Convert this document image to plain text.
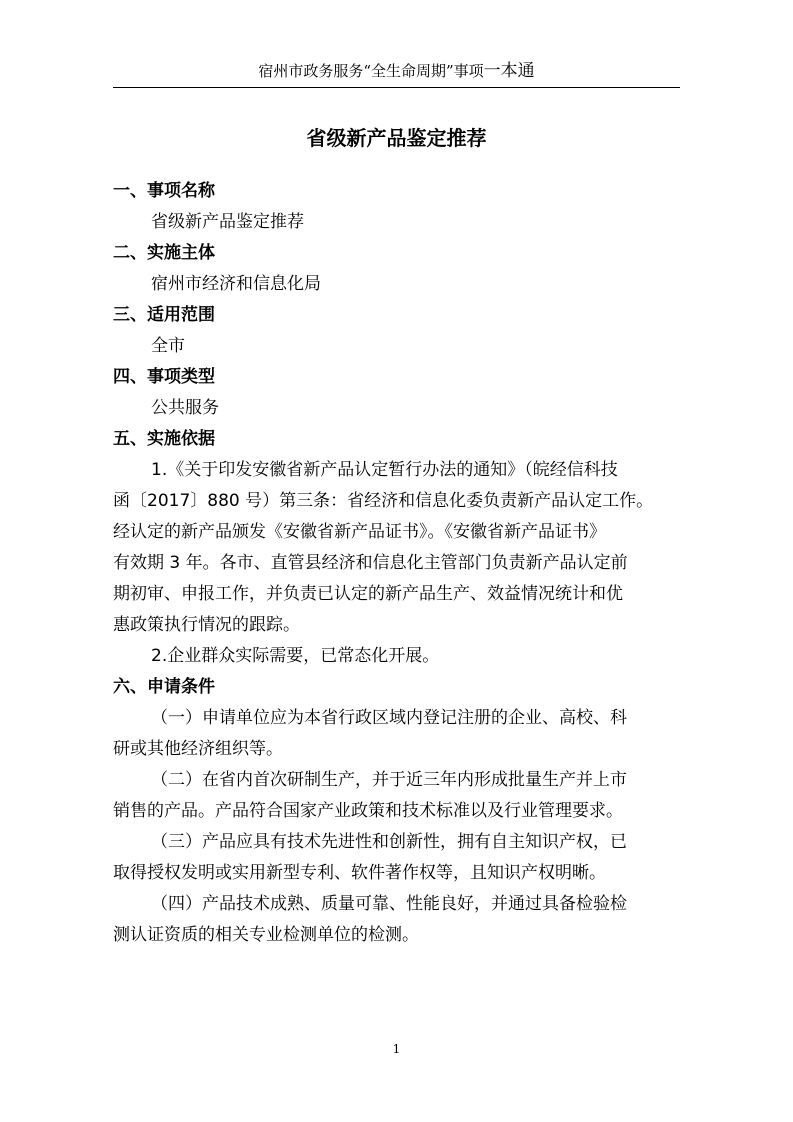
宿州市政务服务“全生命周期”事项一本通
省级新产品鉴定推荐
一、事项名称
省级新产品鉴定推荐
二、实施主体
宿州市经济和信息化局
三、适用范围
全市
四、事项类型
公共服务
五、实施依据
1.《关于印发安徽省新产品认定暂行办法的通知》（皖经信科技
函〔2017〕880 号）第三条：省经济和信息化委负责新产品认定工作。
经认定的新产品颁发《安徽省新产品证书》。《安徽省新产品证书》
有效期 3 年。各市、直管县经济和信息化主管部门负责新产品认定前
期初审、申报工作，并负责已认定的新产品生产、效益情况统计和优
惠政策执行情况的跟踪。
2.企业群众实际需要，已常态化开展。
六、申请条件
（一）申请单位应为本省行政区域内登记注册的企业、高校、科
研或其他经济组织等。
（二）在省内首次研制生产，并于近三年内形成批量生产并上市
销售的产品。产品符合国家产业政策和技术标准以及行业管理要求。
（三）产品应具有技术先进性和创新性，拥有自主知识产权，已
取得授权发明或实用新型专利、软件著作权等，且知识产权明晰。
（四）产品技术成熟、质量可靠、性能良好，并通过具备检验检
测认证资质的相关专业检测单位的检测。
1
